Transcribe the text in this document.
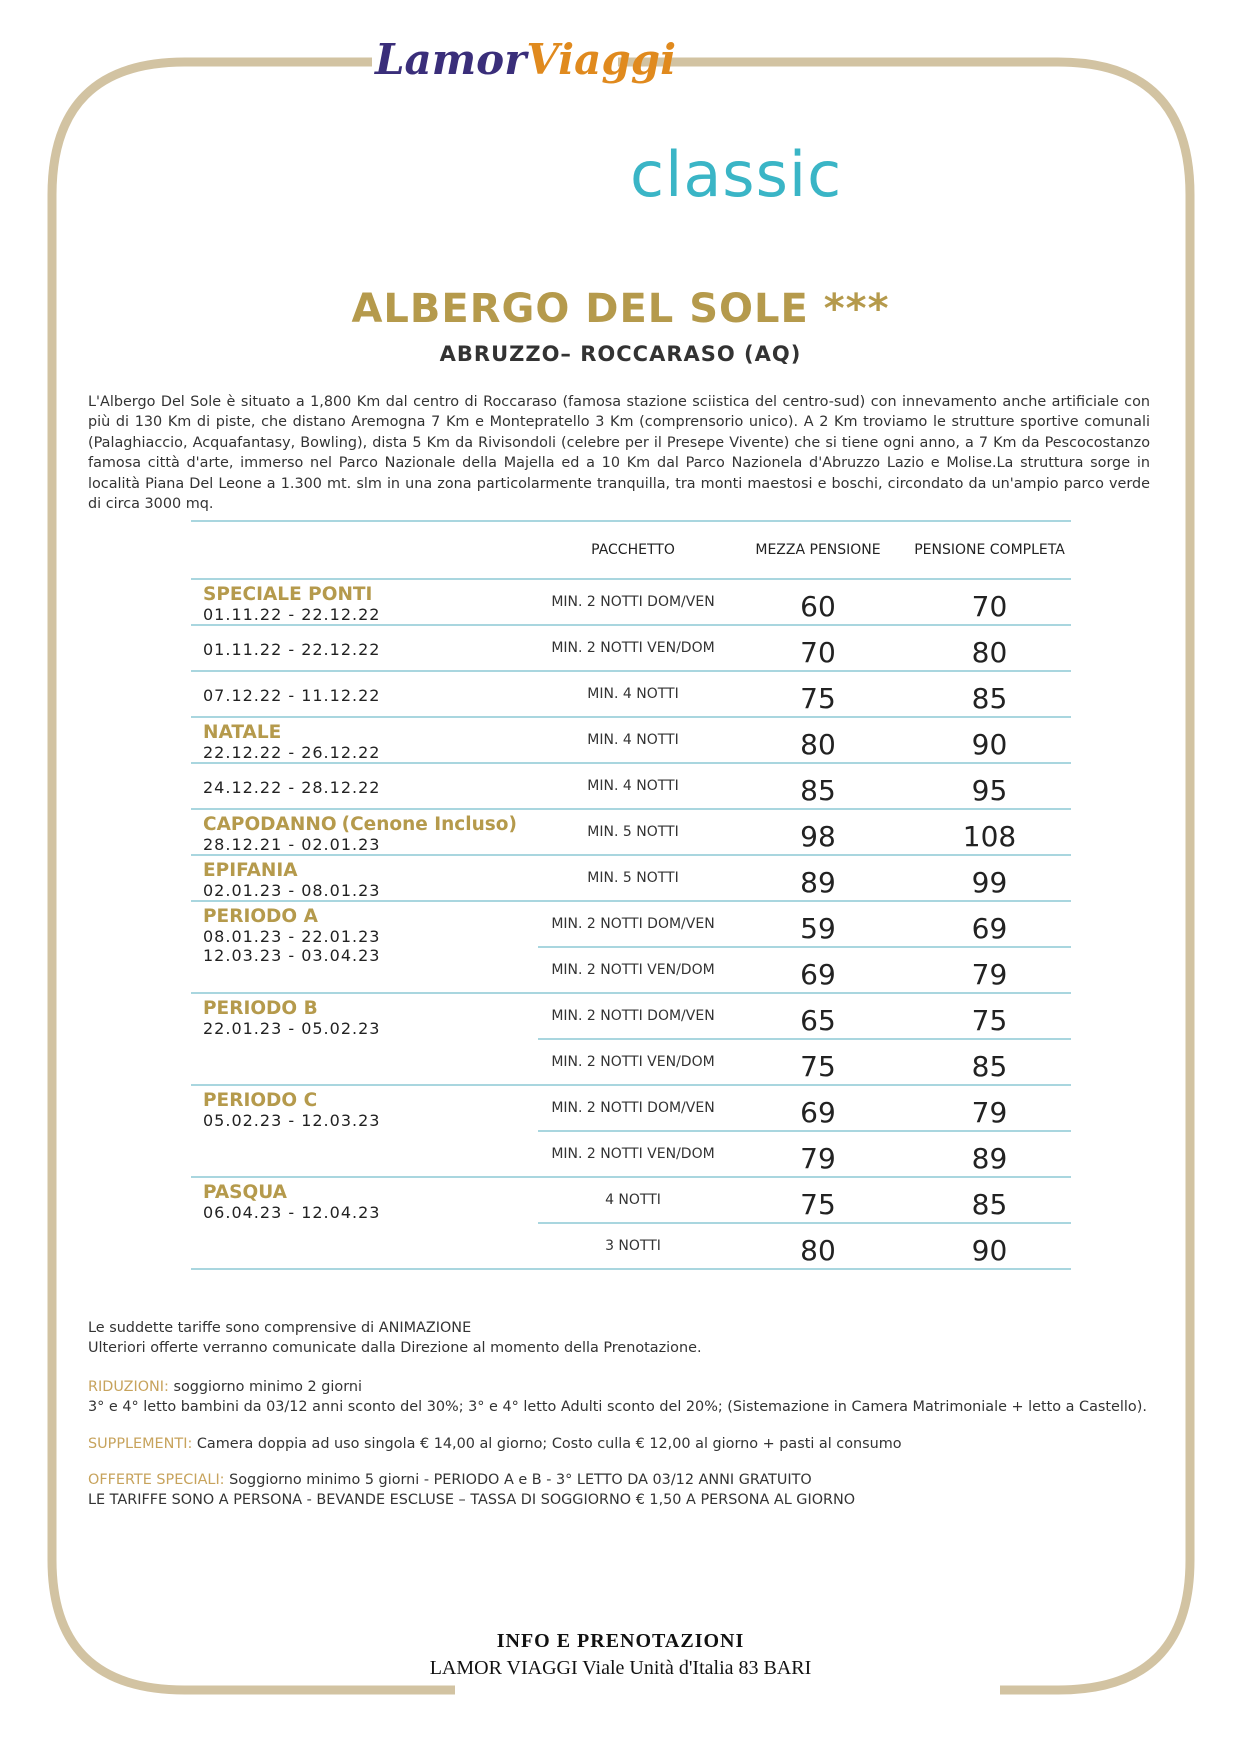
LamorViaggi
classic
ALBERGO DEL SOLE ***
ABRUZZO– ROCCARASO (AQ)
L'Albergo Del Sole è situato a 1,800 Km dal centro di Roccaraso (famosa stazione sciistica del centro-sud) con innevamento anche artificiale con più di 130 Km di piste, che distano Aremogna 7 Km e Montepratello 3 Km (comprensorio unico). A 2 Km troviamo le strutture sportive comunali (Palaghiaccio, Acquafantasy, Bowling), dista 5 Km da Rivisondoli (celebre per il Presepe Vivente) che si tiene ogni anno, a 7 Km da Pescocostanzo famosa città d'arte, immerso nel Parco Nazionale della Majella ed a 10 Km dal Parco Nazionela d'Abruzzo Lazio e Molise.La struttura sorge in località Piana Del Leone a 1.300 mt. slm in una zona particolarmente tranquilla, tra monti maestosi e boschi, circondato da un'ampio parco verde di circa 3000 mq.
	PACCHETTO	MEZZA PENSIONE	PENSIONE COMPLETA

SPECIALE PONTI
01.11.22 - 22.12.22	MIN. 2 NOTTI DOM/VEN	60	70

01.11.22 - 22.12.22	MIN. 2 NOTTI VEN/DOM	70	80

07.12.22 - 11.12.22	MIN. 4 NOTTI	75	85

NATALE
22.12.22 - 26.12.22	MIN. 4 NOTTI	80	90

24.12.22 - 28.12.22	MIN. 4 NOTTI	85	95

CAPODANNO (Cenone Incluso)
28.12.21 - 02.01.23	MIN. 5 NOTTI	98	108

EPIFANIA
02.01.23 - 08.01.23	MIN. 5 NOTTI	89	99

PERIODO A
08.01.23 - 22.01.23
12.03.23 - 03.04.23	MIN. 2 NOTTI DOM/VEN	59	69
	MIN. 2 NOTTI VEN/DOM	69	79

PERIODO B
22.01.23 - 05.02.23	MIN. 2 NOTTI DOM/VEN	65	75
	MIN. 2 NOTTI VEN/DOM	75	85

PERIODO C
05.02.23 - 12.03.23	MIN. 2 NOTTI DOM/VEN	69	79
	MIN. 2 NOTTI VEN/DOM	79	89

PASQUA
06.04.23 - 12.04.23	4 NOTTI	75	85
	3 NOTTI	80	90

Le suddette tariffe sono comprensive di ANIMAZIONE

Ulteriori offerte verranno comunicate dalla Direzione al momento della Prenotazione.

RIDUZIONI: soggiorno minimo 2 giorni

3° e 4° letto bambini da 03/12 anni sconto del 30%; 3° e 4° letto Adulti sconto del 20%; (Sistemazione in Camera Matrimoniale + letto a Castello).

SUPPLEMENTI: Camera doppia ad uso singola € 14,00 al giorno; Costo culla € 12,00 al giorno + pasti al consumo

OFFERTE SPECIALI: Soggiorno minimo 5 giorni - PERIODO A e B - 3° LETTO DA 03/12 ANNI GRATUITO

LE TARIFFE SONO A PERSONA - BEVANDE ESCLUSE – TASSA DI SOGGIORNO € 1,50 A PERSONA AL GIORNO

INFO E PRENOTAZIONI
LAMOR VIAGGI Viale Unità d'Italia 83 BARI
